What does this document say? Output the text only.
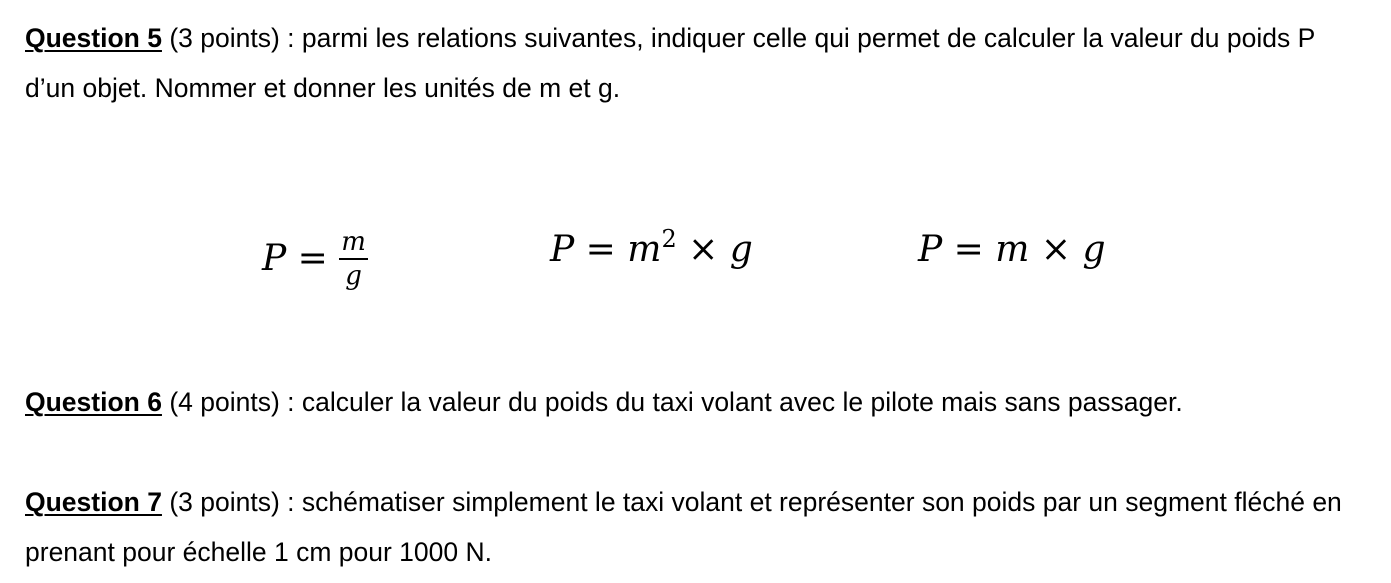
Question 5 (3 points) : parmi les relations suivantes, indiquer celle qui permet de calculer la valeur du poids P d’un objet. Nommer et donner les unités de m et g.

$P = \frac{m}{g}$	$P = m^2 \times g$	P = m × g

Question 6 (4 points) : calculer la valeur du poids du taxi volant avec le pilote mais sans passager.

Question 7 (3 points) : schématiser simplement le taxi volant et représenter son poids par un segment fléché en prenant pour échelle 1 cm pour 1000 N.
